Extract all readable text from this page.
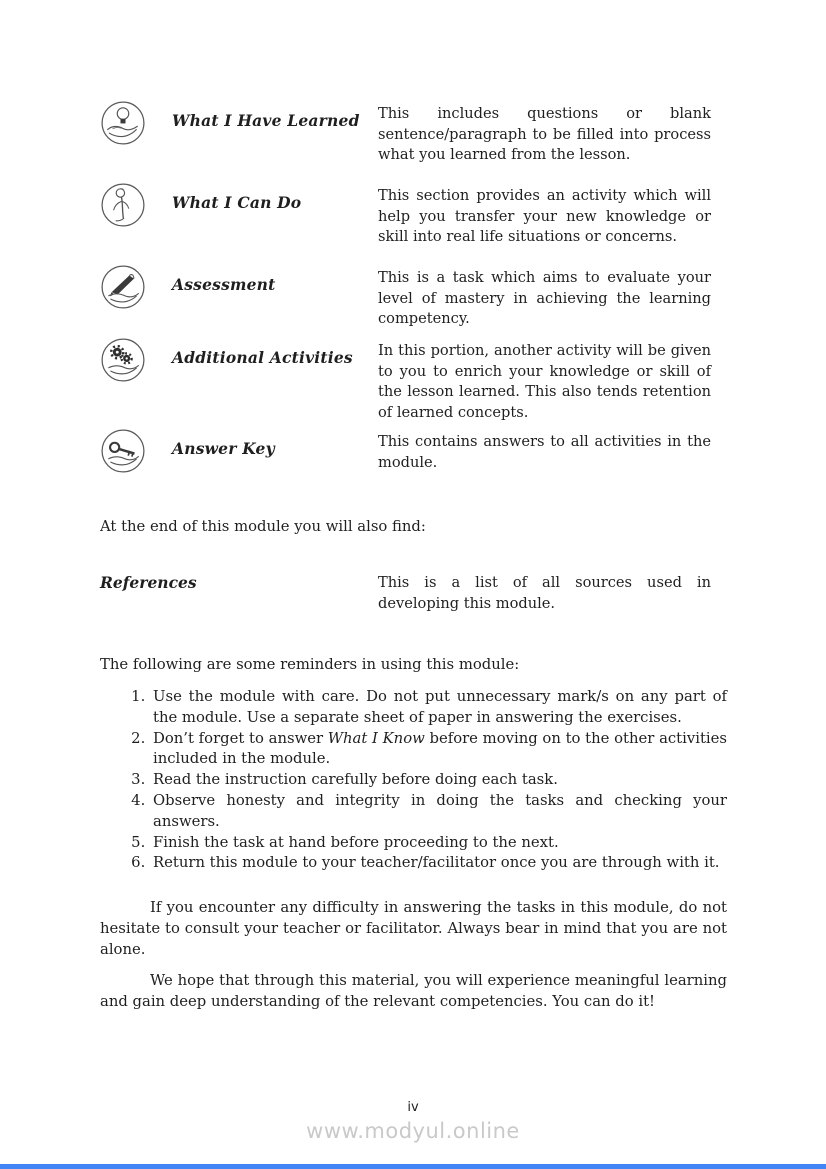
What I Have Learned	This includes questions or blank sentence/paragraph to be filled into process what you learned from the lesson.
What I Can Do	This section provides an activity which will help you transfer your new knowledge or skill into real life situations or concerns.
Assessment	This is a task which aims to evaluate your level of mastery in achieving the learning competency.
Additional Activities	In this portion, another activity will be given to you to enrich your knowledge or skill of the lesson learned. This also tends retention of learned concepts.
Answer Key	This contains answers to all activities in the module.
At the end of this module you will also find:
References	This is a list of all sources used in developing this module.
The following are some reminders in using this module:
1. Use the module with care. Do not put unnecessary mark/s on any part of the module. Use a separate sheet of paper in answering the exercises.
2. Don’t forget to answer What I Know before moving on to the other activities included in the module.
3. Read the instruction carefully before doing each task.
4. Observe honesty and integrity in doing the tasks and checking your answers.
5. Finish the task at hand before proceeding to the next.
6. Return this module to your teacher/facilitator once you are through with it.

If you encounter any difficulty in answering the tasks in this module, do not hesitate to consult your teacher or facilitator. Always bear in mind that you are not alone.

We hope that through this material, you will experience meaningful learning and gain deep understanding of the relevant competencies. You can do it!

iv
www.modyul.online
